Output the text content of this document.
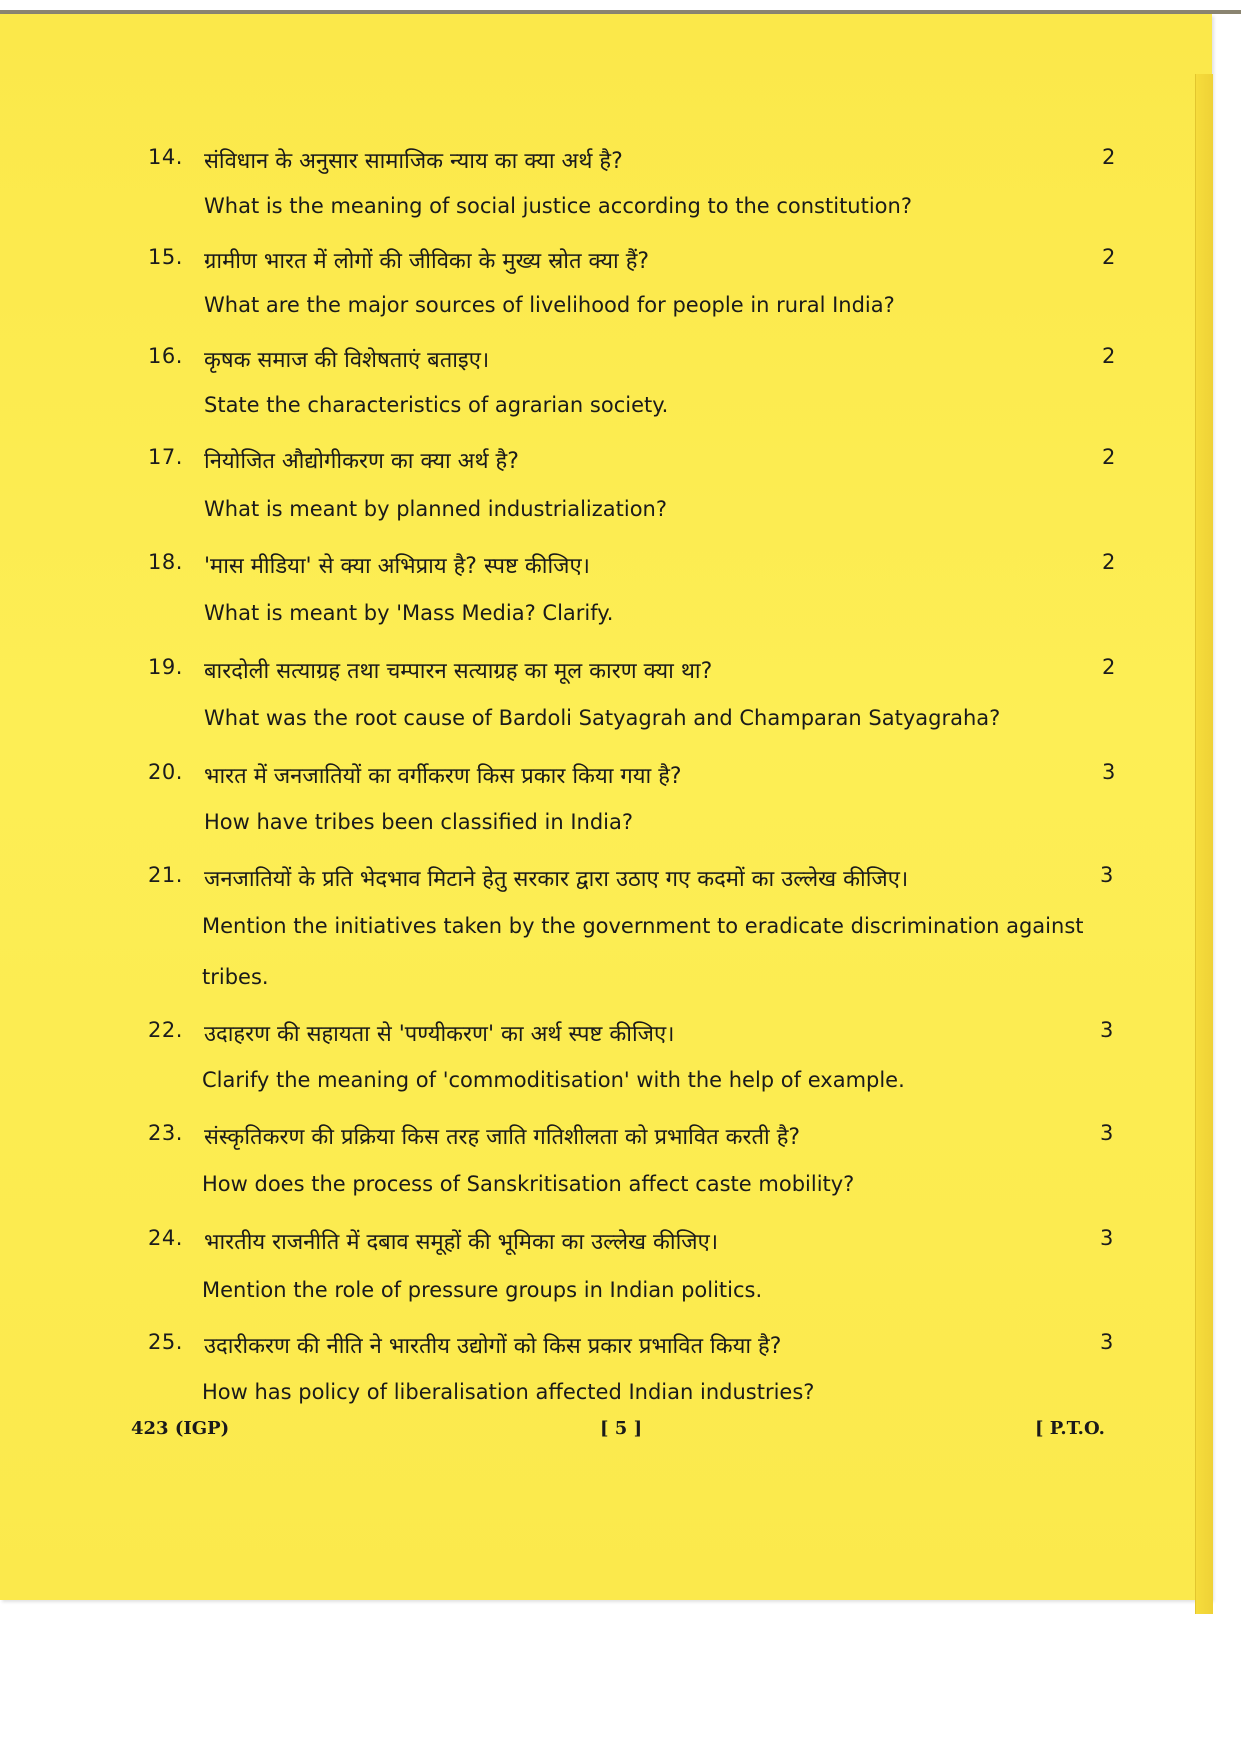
14. संविधान के अनुसार सामाजिक न्याय का क्या अर्थ है?	2
What is the meaning of social justice according to the constitution?
15. ग्रामीण भारत में लोगों की जीविका के मुख्य स्रोत क्या हैं?	2
What are the major sources of livelihood for people in rural India?
16. कृषक समाज की विशेषताएं बताइए।	2
State the characteristics of agrarian society.
17. नियोजित औद्योगीकरण का क्या अर्थ है?	2
What is meant by planned industrialization?
18. 'मास मीडिया' से क्या अभिप्राय है? स्पष्ट कीजिए।	2
What is meant by 'Mass Media? Clarify.
19. बारदोली सत्याग्रह तथा चम्पारन सत्याग्रह का मूल कारण क्या था?	2
What was the root cause of Bardoli Satyagrah and Champaran Satyagraha?
20. भारत में जनजातियों का वर्गीकरण किस प्रकार किया गया है?	3
How have tribes been classified in India?
21. जनजातियों के प्रति भेदभाव मिटाने हेतु सरकार द्वारा उठाए गए कदमों का उल्लेख कीजिए।	3
Mention the initiatives taken by the government to eradicate discrimination against
tribes.
22. उदाहरण की सहायता से 'पण्यीकरण' का अर्थ स्पष्ट कीजिए।	3
Clarify the meaning of 'commoditisation' with the help of example.
23. संस्कृतिकरण की प्रक्रिया किस तरह जाति गतिशीलता को प्रभावित करती है?	3
How does the process of Sanskritisation affect caste mobility?
24. भारतीय राजनीति में दबाव समूहों की भूमिका का उल्लेख कीजिए।	3
Mention the role of pressure groups in Indian politics.
25. उदारीकरण की नीति ने भारतीय उद्योगों को किस प्रकार प्रभावित किया है?	3
How has policy of liberalisation affected Indian industries?
423 (IGP)	[ 5 ]	[ P.T.O.
